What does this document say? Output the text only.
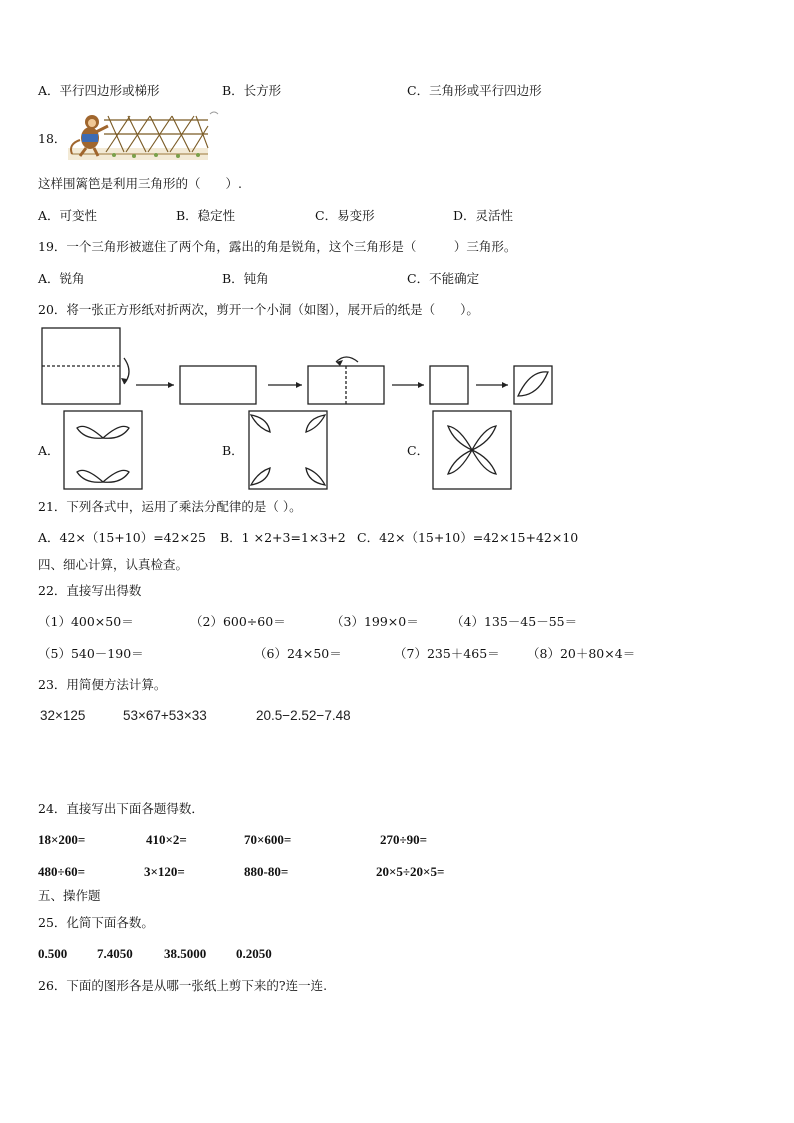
A．平行四边形或梯形	B．长方形	C．三角形或平行四边形
18．
这样围篱笆是利用三角形的（　　）.
A．可变性	B．稳定性	C．易变形	D．灵活性
19．一个三角形被遮住了两个角，露出的角是锐角，这个三角形是（　　　）三角形。
A．锐角	B．钝角	C．不能确定
20．将一张正方形纸对折两次，剪开一个小洞（如图），展开后的纸是（　　）。
A．	B．	C．
21．下列各式中，运用了乘法分配律的是（ ）。
A．42×（15+10）=42×25 B．1 ×2+3=1×3+2 C．42×（15+10）=42×15+42×10
四、细心计算，认真检查。
22．直接写出得数
（1）400×50＝	（2）600÷60＝	（3）199×0＝	（4）135－45－55＝
（5）540－190＝	（6）24×50＝	（7）235＋465＝ （8）20＋80×4＝
23．用简便方法计算。
32×125	53×67+53×33	20.5−2.52−7.48
24．直接写出下面各题得数．
18×200=	410×2=	70×600=	270÷90=
480÷60=	3×120=	880-80=	20×5÷20×5=
五、操作题
25．化简下面各数。
0.500 7.4050 38.5000 0.2050
26．下面的图形各是从哪一张纸上剪下来的?连一连.
